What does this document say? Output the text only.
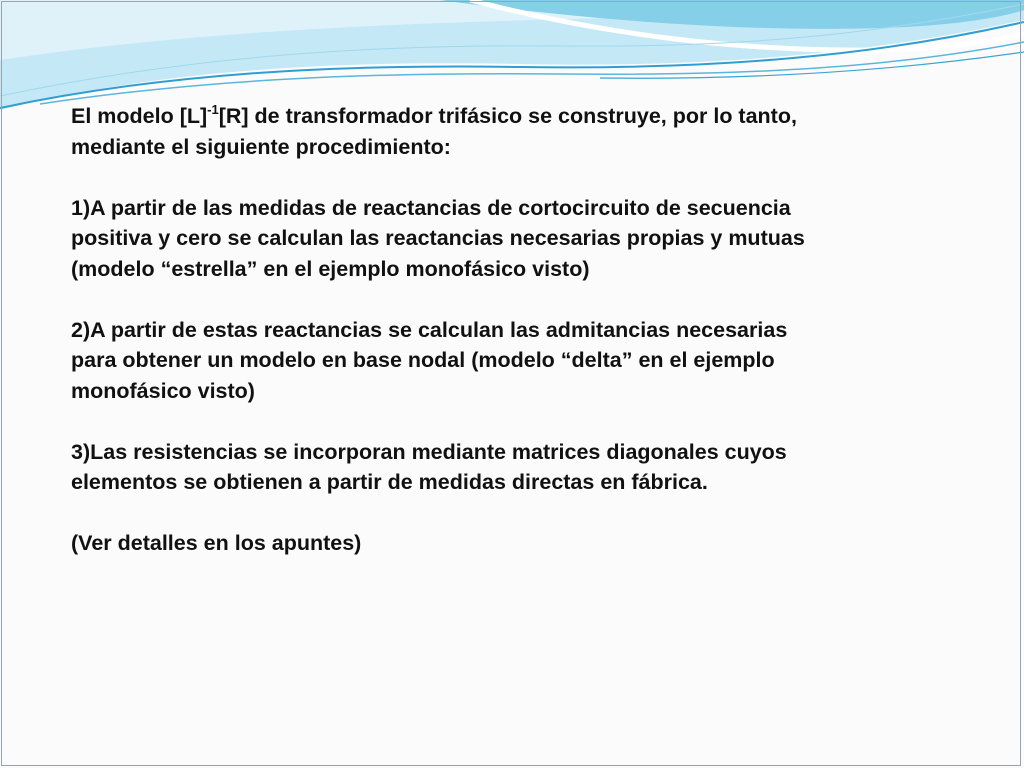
El modelo $[L]^{-1}[R]$ de transformador trifásico se construye, por lo tanto,
mediante el siguiente procedimiento:

1)A partir de las medidas de reactancias de cortocircuito de secuencia
positiva y cero se calculan las reactancias necesarias propias y mutuas
(modelo “estrella” en el ejemplo monofásico visto)

2)A partir de estas reactancias se calculan las admitancias necesarias
para obtener un modelo en base nodal (modelo “delta” en el ejemplo
monofásico visto)

3)Las resistencias se incorporan mediante matrices diagonales cuyos
elementos se obtienen a partir de medidas directas en fábrica.

(Ver detalles en los apuntes)
